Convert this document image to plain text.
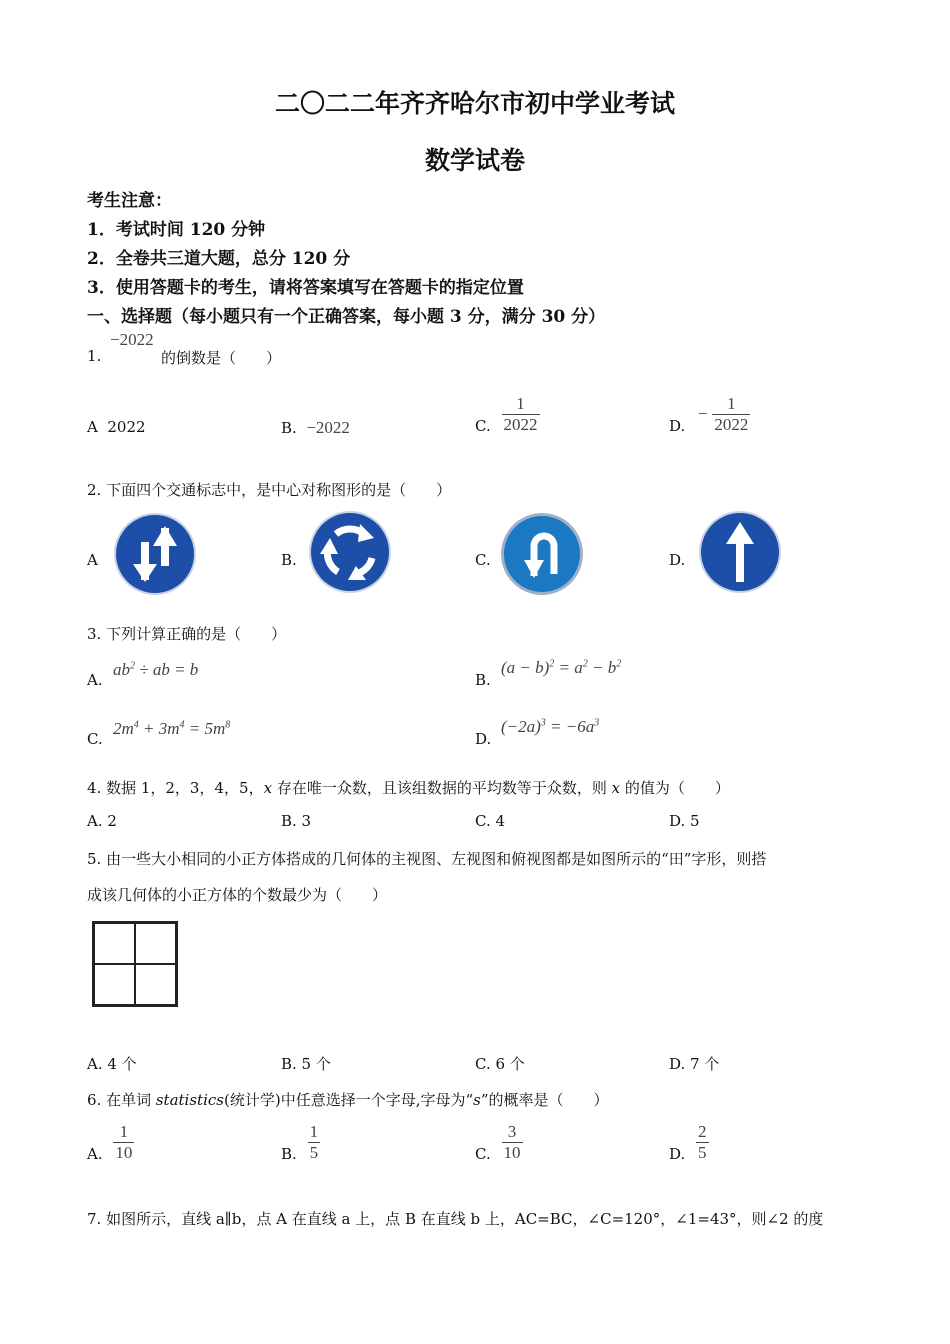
二〇二二年齐齐哈尔市初中学业考试
数学试卷
考生注意：
1．考试时间 120 分钟
2．全卷共三道大题，总分 120 分
3．使用答题卡的考生，请将答案填写在答题卡的指定位置
一、选择题（每小题只有一个正确答案，每小题 3 分，满分 30 分）
1.
−2022
的倒数是（　　）
A 2022	B. −2022	C. $\frac{1}{2022}$	D. − $\frac{1}{2022}$
2. 下面四个交通标志中，是中心对称图形的是（　　）
A	B.	C.	D.
3. 下列计算正确的是（　　）
A.
$ab^2$ ÷ ab = b
B.
$(a - b)^2 = a^2 - b^2$
C.
$2m^4 + 3m^4 = 5m^8$
D.
$(-2a)^3 = -6a^3$
4. 数据 1，2，3，4，5，x 存在唯一众数，且该组数据的平均数等于众数，则 x 的值为（　　）
A. 2	B. 3	C. 4	D. 5
5. 由一些大小相同的小正方体搭成的几何体的主视图、左视图和俯视图都是如图所示的“田”字形，则搭
成该几何体的小正方体的个数最少为（　　）
A. 4 个	B. 5 个	C. 6 个	D. 7 个
6. 在单词 statistics(统计学)中任意选择一个字母,字母为“s”的概率是（　　）
A. $\frac{1}{10}$	B. $\frac{1}{5}$	C. $\frac{3}{10}$	D. $\frac{2}{5}$
7. 如图所示，直线 a∥b，点 A 在直线 a 上，点 B 在直线 b 上，AC=BC，∠C=120°，∠1=43°，则∠2 的度
